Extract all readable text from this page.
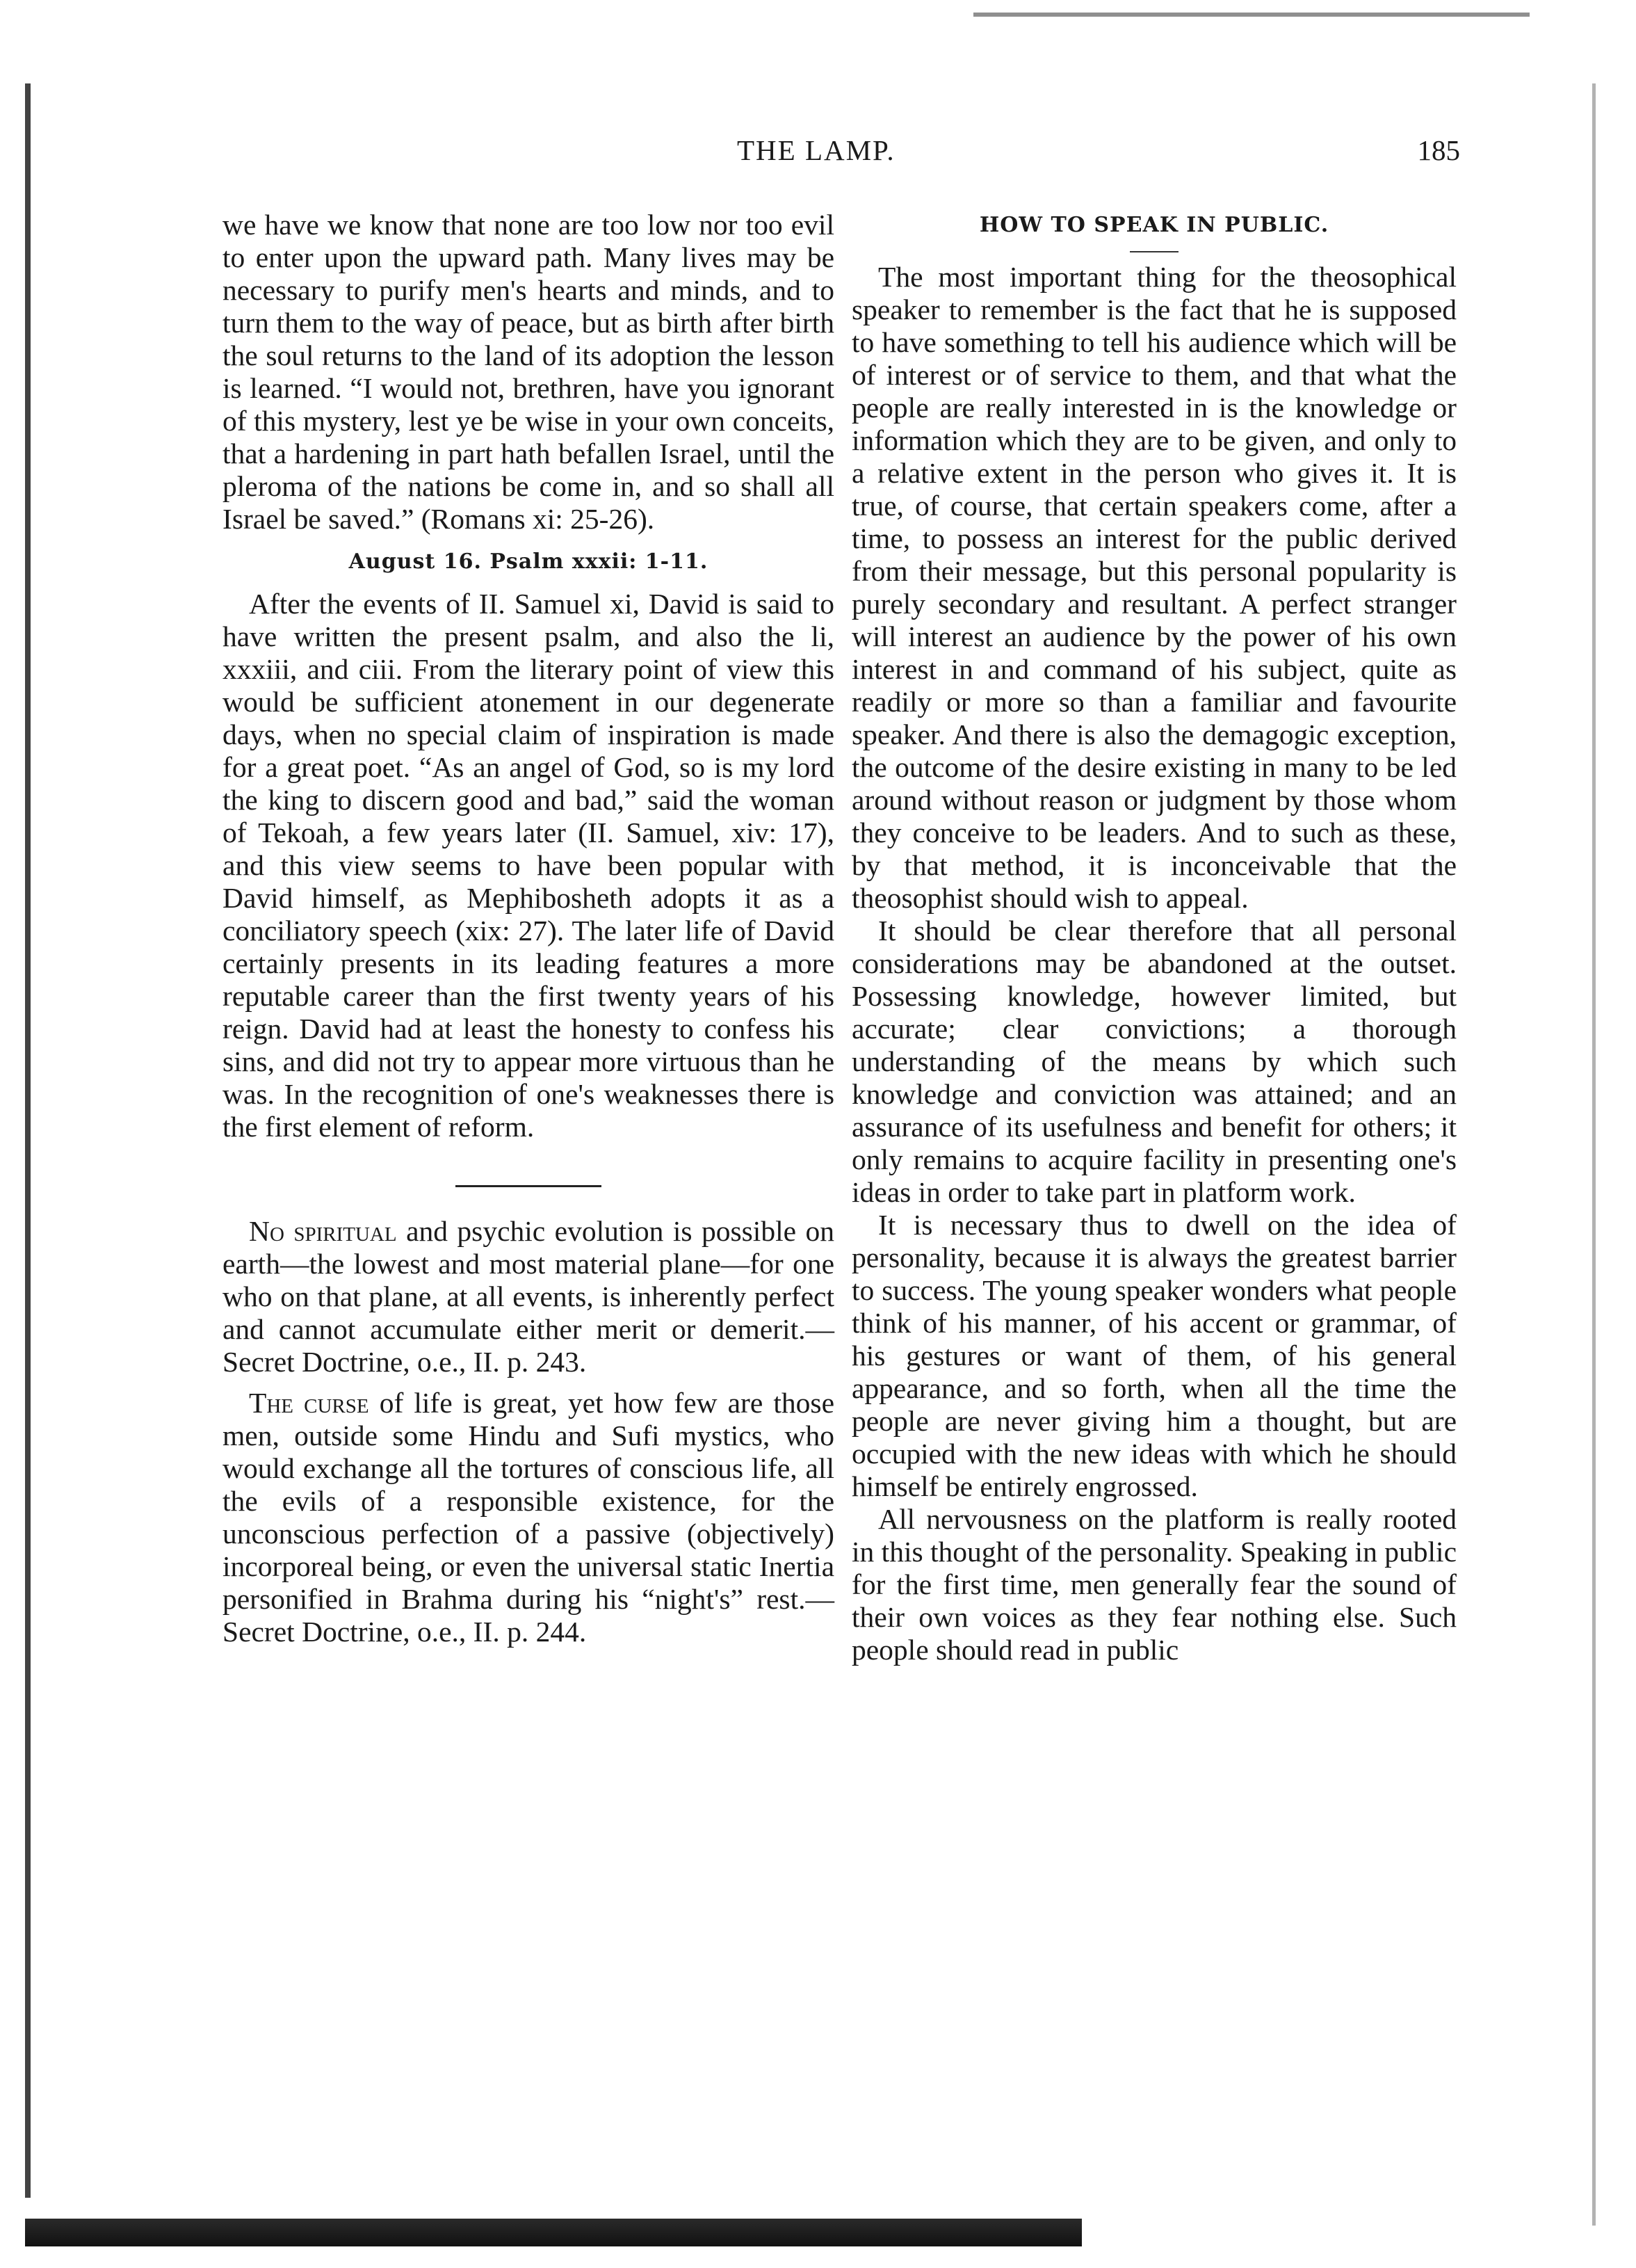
THE LAMP.	185

we have we know that none are too low nor too evil to enter upon the upward path. Many lives may be necessary to purify men's hearts and minds, and to turn them to the way of peace, but as birth after birth the soul returns to the land of its adoption the lesson is learned. “I would not, brethren, have you ignorant of this mystery, lest ye be wise in your own conceits, that a hardening in part hath befallen Israel, until the pleroma of the nations be come in, and so shall all Israel be saved.” (Romans xi: 25-26).

August 16. Psalm xxxii: 1-11.

After the events of II. Samuel xi, David is said to have written the present psalm, and also the li, xxxiii, and ciii. From the literary point of view this would be sufficient atonement in our degenerate days, when no special claim of inspiration is made for a great poet. “As an angel of God, so is my lord the king to discern good and bad,” said the woman of Tekoah, a few years later (II. Samuel, xiv: 17), and this view seems to have been popular with David himself, as Mephibosheth adopts it as a conciliatory speech (xix: 27). The later life of David certainly presents in its leading features a more reputable career than the first twenty years of his reign. David had at least the honesty to confess his sins, and did not try to appear more virtuous than he was. In the recognition of one's weaknesses there is the first element of reform.

No spiritual and psychic evolution is possible on earth—the lowest and most material plane—for one who on that plane, at all events, is inherently perfect and cannot accumulate either merit or demerit.—Secret Doctrine, o.e., II. p. 243.

The curse of life is great, yet how few are those men, outside some Hindu and Sufi mystics, who would exchange all the tortures of conscious life, all the evils of a responsible existence, for the unconscious perfection of a passive (objectively) incorporeal being, or even the universal static Inertia personified in Brahma during his “night's” rest.—Secret Doctrine, o.e., II. p. 244.

HOW TO SPEAK IN PUBLIC.

The most important thing for the theosophical speaker to remember is the fact that he is supposed to have something to tell his audience which will be of interest or of service to them, and that what the people are really interested in is the knowledge or information which they are to be given, and only to a relative extent in the person who gives it. It is true, of course, that certain speakers come, after a time, to possess an interest for the public derived from their message, but this personal popularity is purely secondary and resultant. A perfect stranger will interest an audience by the power of his own interest in and command of his subject, quite as readily or more so than a familiar and favourite speaker. And there is also the demagogic exception, the outcome of the desire existing in many to be led around without reason or judgment by those whom they conceive to be leaders. And to such as these, by that method, it is inconceivable that the theosophist should wish to appeal.

It should be clear therefore that all personal considerations may be abandoned at the outset. Possessing knowledge, however limited, but accurate; clear convictions; a thorough understanding of the means by which such knowledge and conviction was attained; and an assurance of its usefulness and benefit for others; it only remains to acquire facility in presenting one's ideas in order to take part in platform work.

It is necessary thus to dwell on the idea of personality, because it is always the greatest barrier to success. The young speaker wonders what people think of his manner, of his accent or grammar, of his gestures or want of them, of his general appearance, and so forth, when all the time the people are never giving him a thought, but are occupied with the new ideas with which he should himself be entirely engrossed.

All nervousness on the platform is really rooted in this thought of the personality. Speaking in public for the first time, men generally fear the sound of their own voices as they fear nothing else. Such people should read in public
